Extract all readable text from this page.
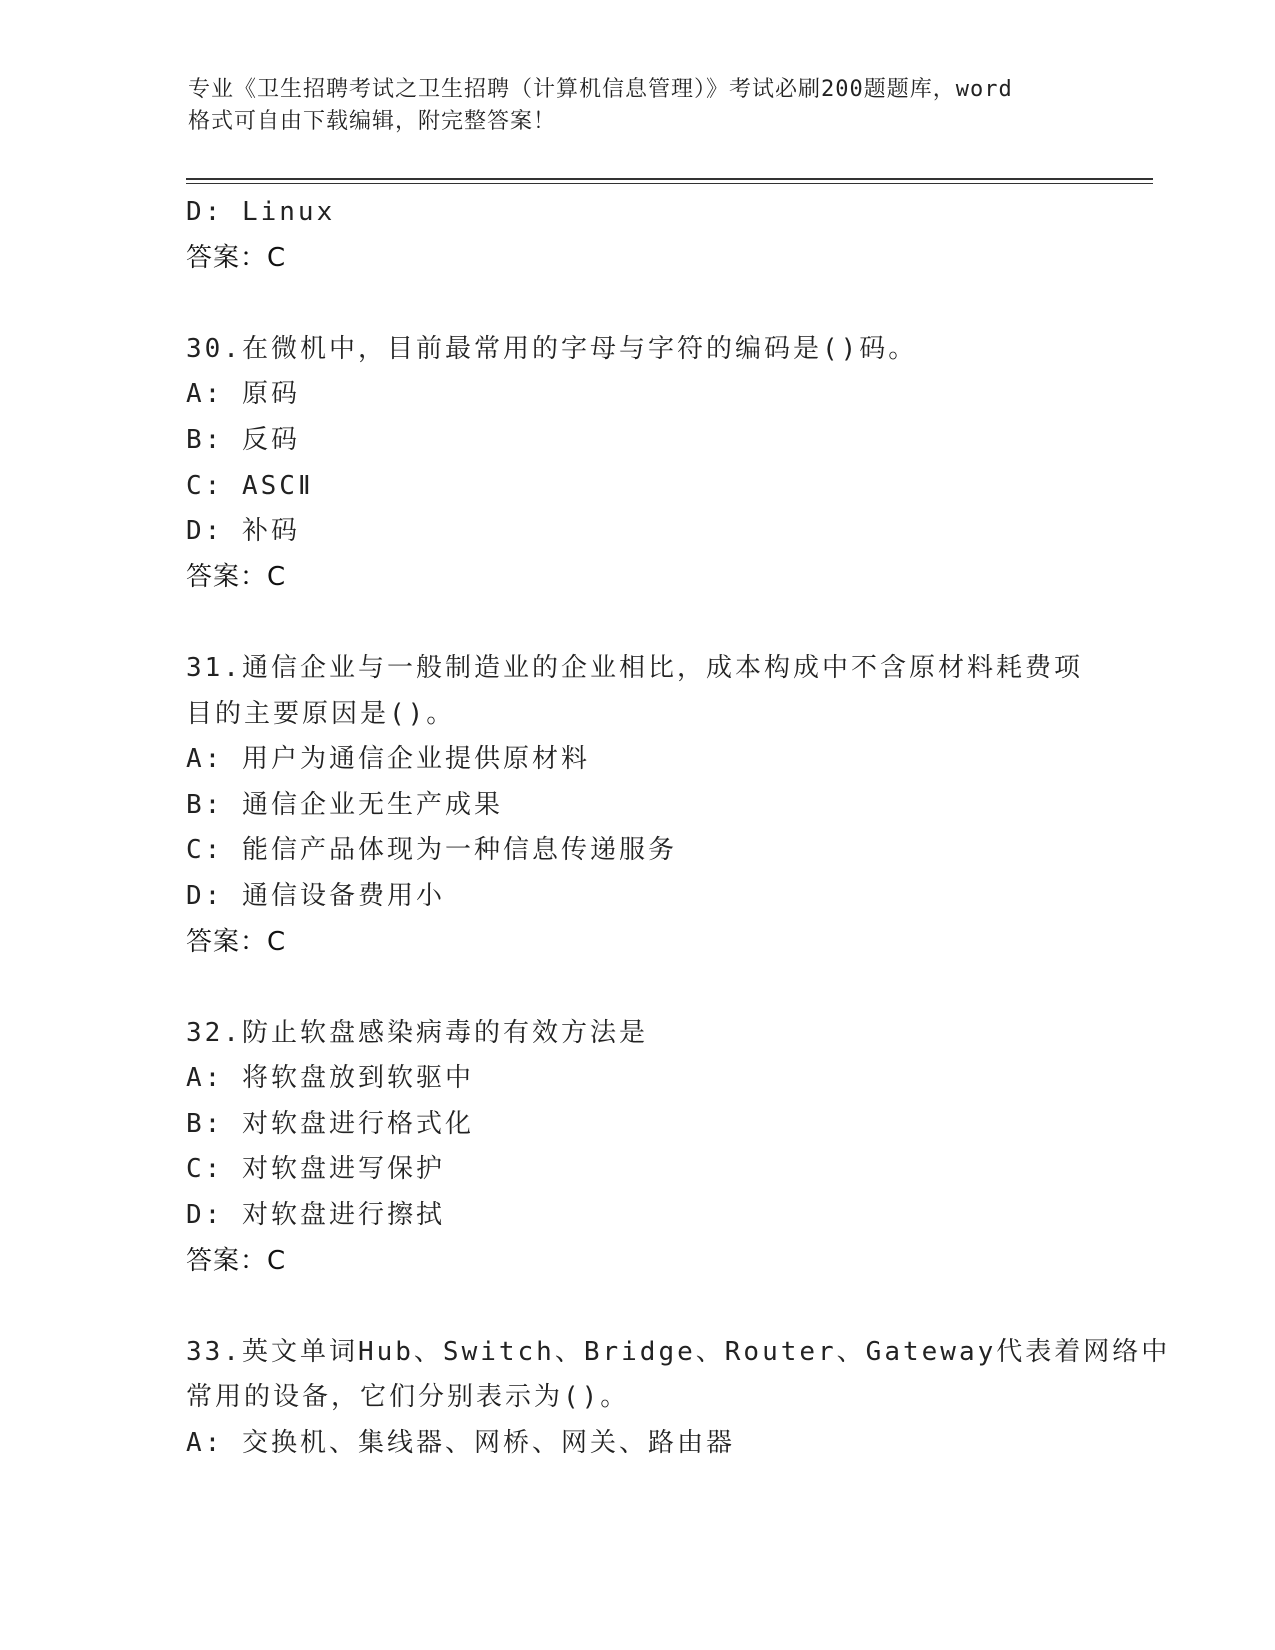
专业《卫生招聘考试之卫生招聘（计算机信息管理）》考试必刷200题题库，word
格式可自由下载编辑，附完整答案！
D: Linux
答案：C
30.在微机中，目前最常用的字母与字符的编码是()码。
A: 原码
B: 反码
C: ASCⅡ
D: 补码
答案：C
31.通信企业与一般制造业的企业相比，成本构成中不含原材料耗费项
目的主要原因是()。
A: 用户为通信企业提供原材料
B: 通信企业无生产成果
C: 能信产品体现为一种信息传递服务
D: 通信设备费用小
答案：C
32.防止软盘感染病毒的有效方法是
A: 将软盘放到软驱中
B: 对软盘进行格式化
C: 对软盘进写保护
D: 对软盘进行擦拭
答案：C
33.英文单词Hub、Switch、Bridge、Router、Gateway代表着网络中
常用的设备，它们分别表示为()。
A: 交换机、集线器、网桥、网关、路由器
